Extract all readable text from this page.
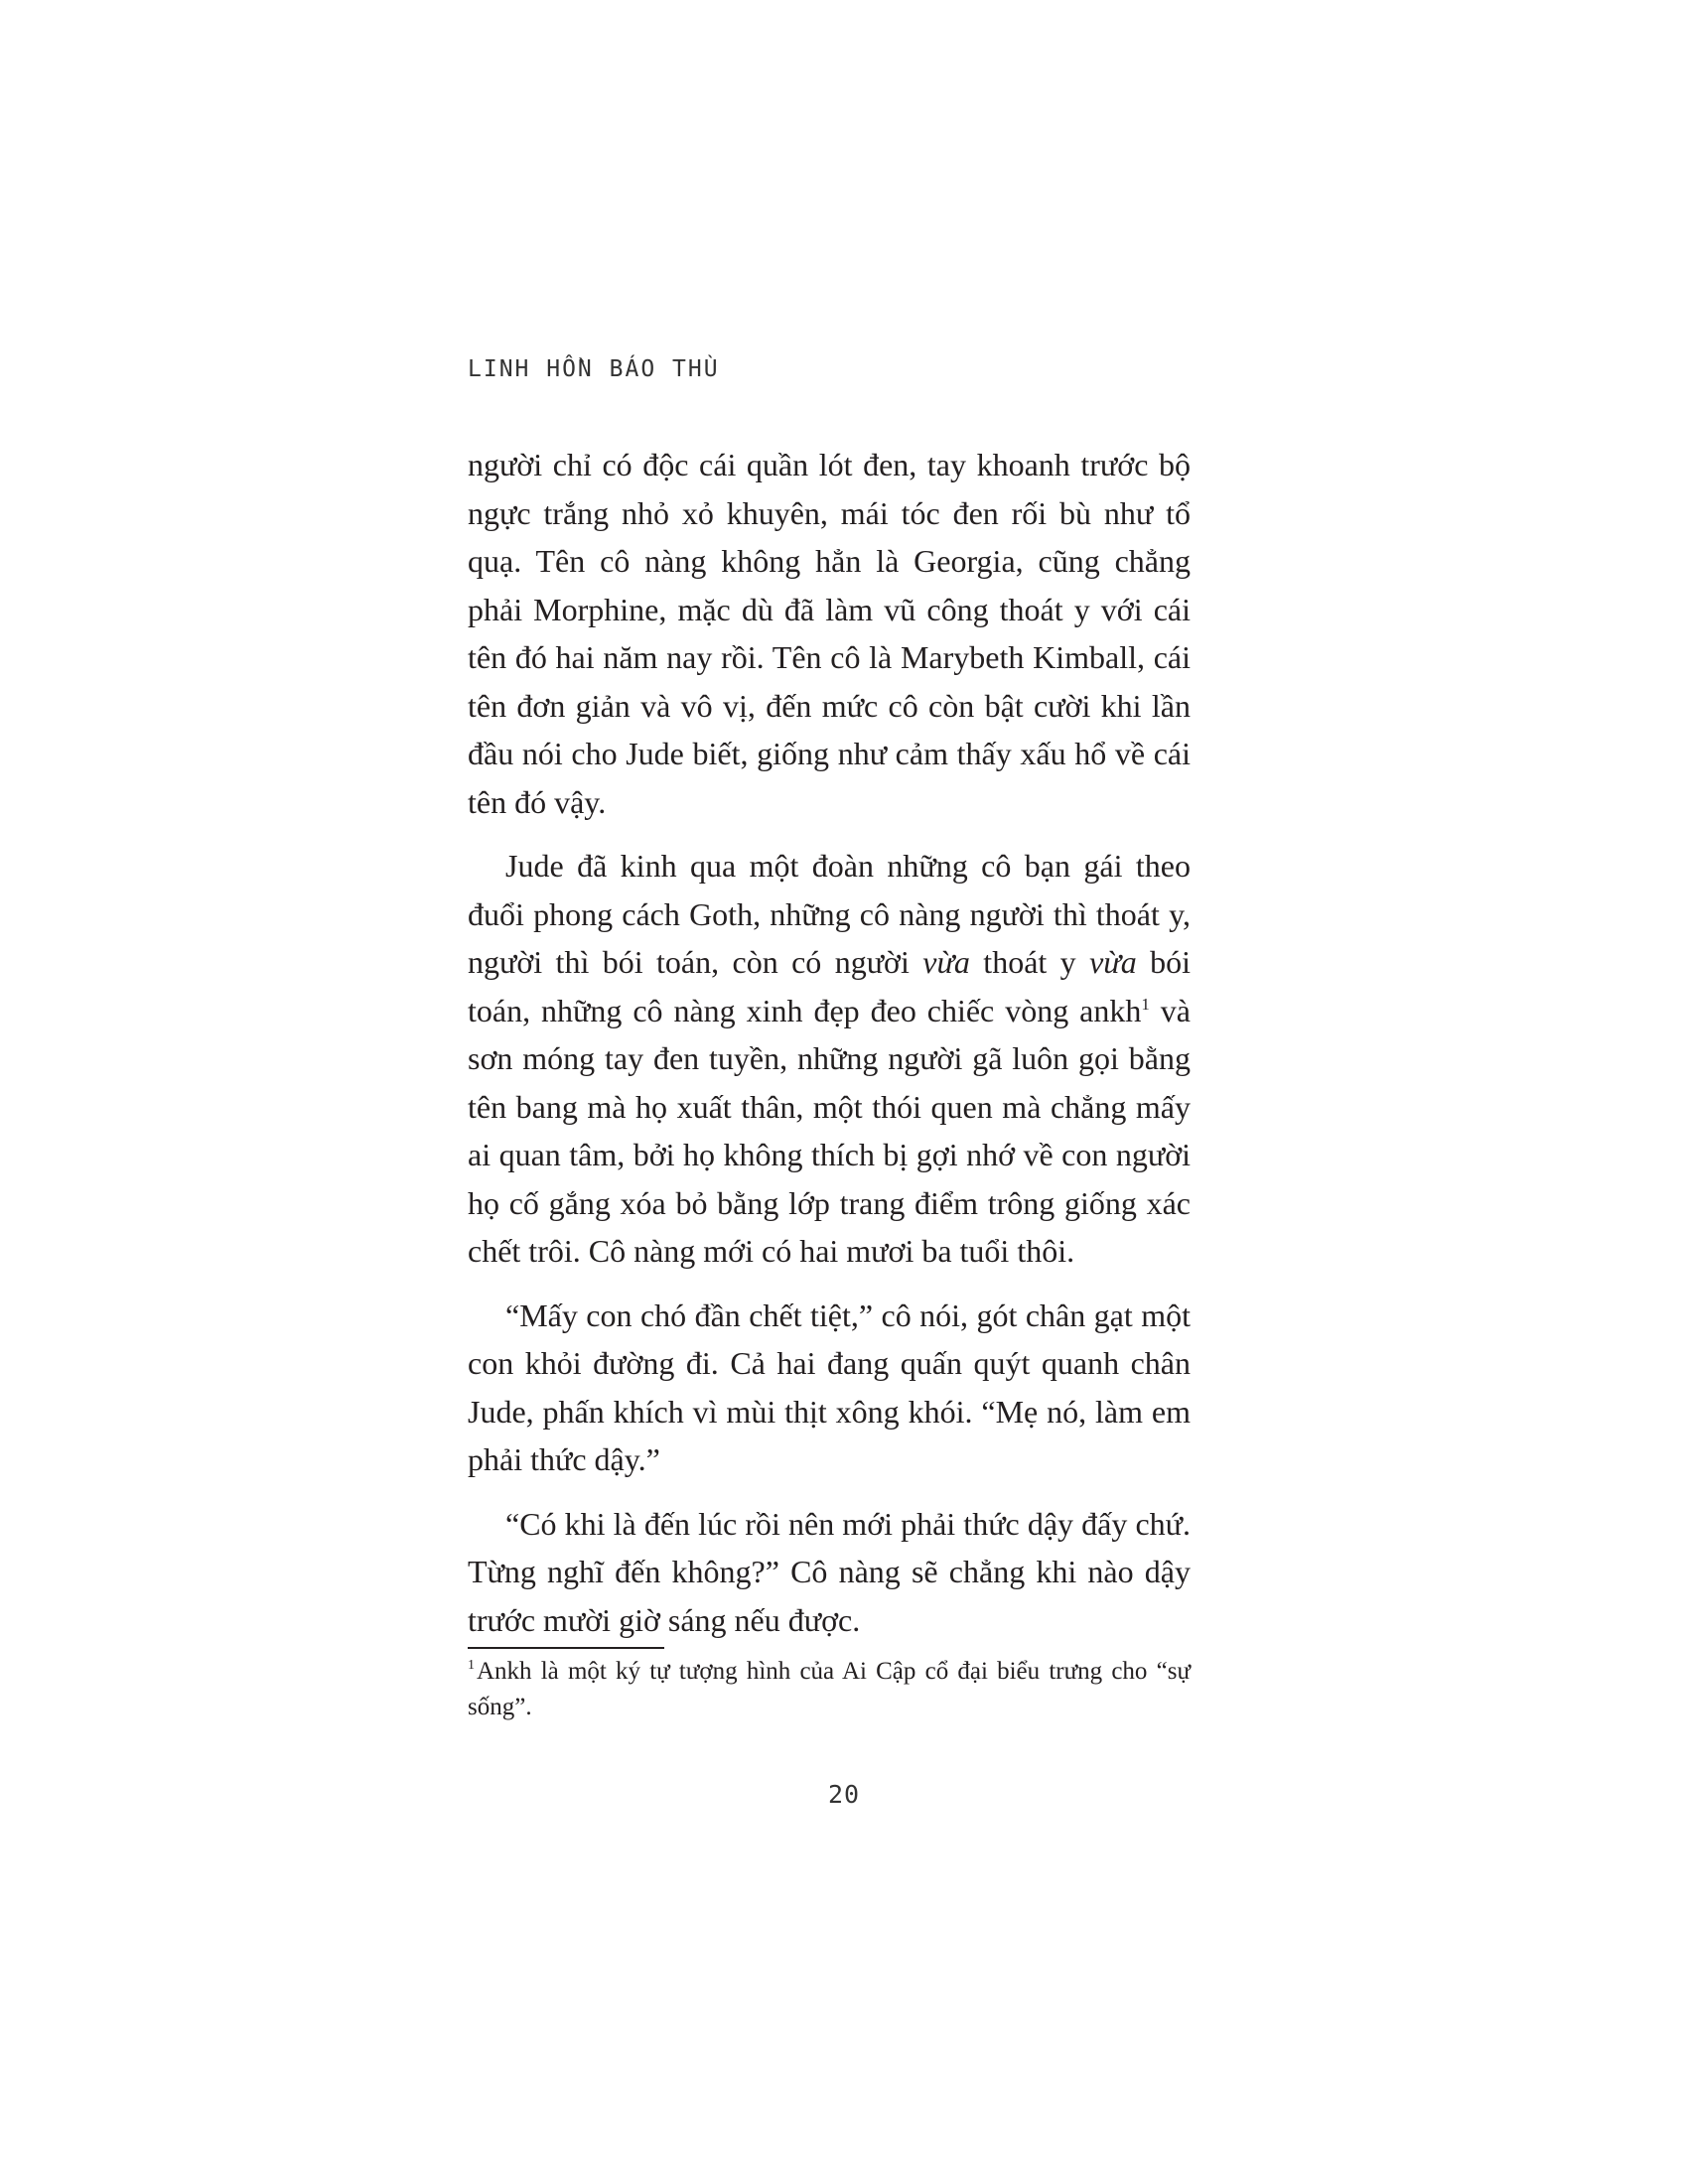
LINH HỒN BÁO THÙ

người chỉ có độc cái quần lót đen, tay khoanh trước bộ ngực trắng nhỏ xỏ khuyên, mái tóc đen rối bù như tổ quạ. Tên cô nàng không hẳn là Georgia, cũng chẳng phải Morphine, mặc dù đã làm vũ công thoát y với cái tên đó hai năm nay rồi. Tên cô là Marybeth Kimball, cái tên đơn giản và vô vị, đến mức cô còn bật cười khi lần đầu nói cho Jude biết, giống như cảm thấy xấu hổ về cái tên đó vậy.

Jude đã kinh qua một đoàn những cô bạn gái theo đuổi phong cách Goth, những cô nàng người thì thoát y, người thì bói toán, còn có người vừa thoát y vừa bói toán, những cô nàng xinh đẹp đeo chiếc vòng ankh$^1$ và sơn móng tay đen tuyền, những người gã luôn gọi bằng tên bang mà họ xuất thân, một thói quen mà chẳng mấy ai quan tâm, bởi họ không thích bị gợi nhớ về con người họ cố gắng xóa bỏ bằng lớp trang điểm trông giống xác chết trôi. Cô nàng mới có hai mươi ba tuổi thôi.

“Mấy con chó đần chết tiệt,” cô nói, gót chân gạt một con khỏi đường đi. Cả hai đang quấn quýt quanh chân Jude, phấn khích vì mùi thịt xông khói. “Mẹ nó, làm em phải thức dậy.”

“Có khi là đến lúc rồi nên mới phải thức dậy đấy chứ. Từng nghĩ đến không?” Cô nàng sẽ chẳng khi nào dậy trước mười giờ sáng nếu được.

$^1$Ankh là một ký tự tượng hình của Ai Cập cổ đại biểu trưng cho “sự sống”.
20
